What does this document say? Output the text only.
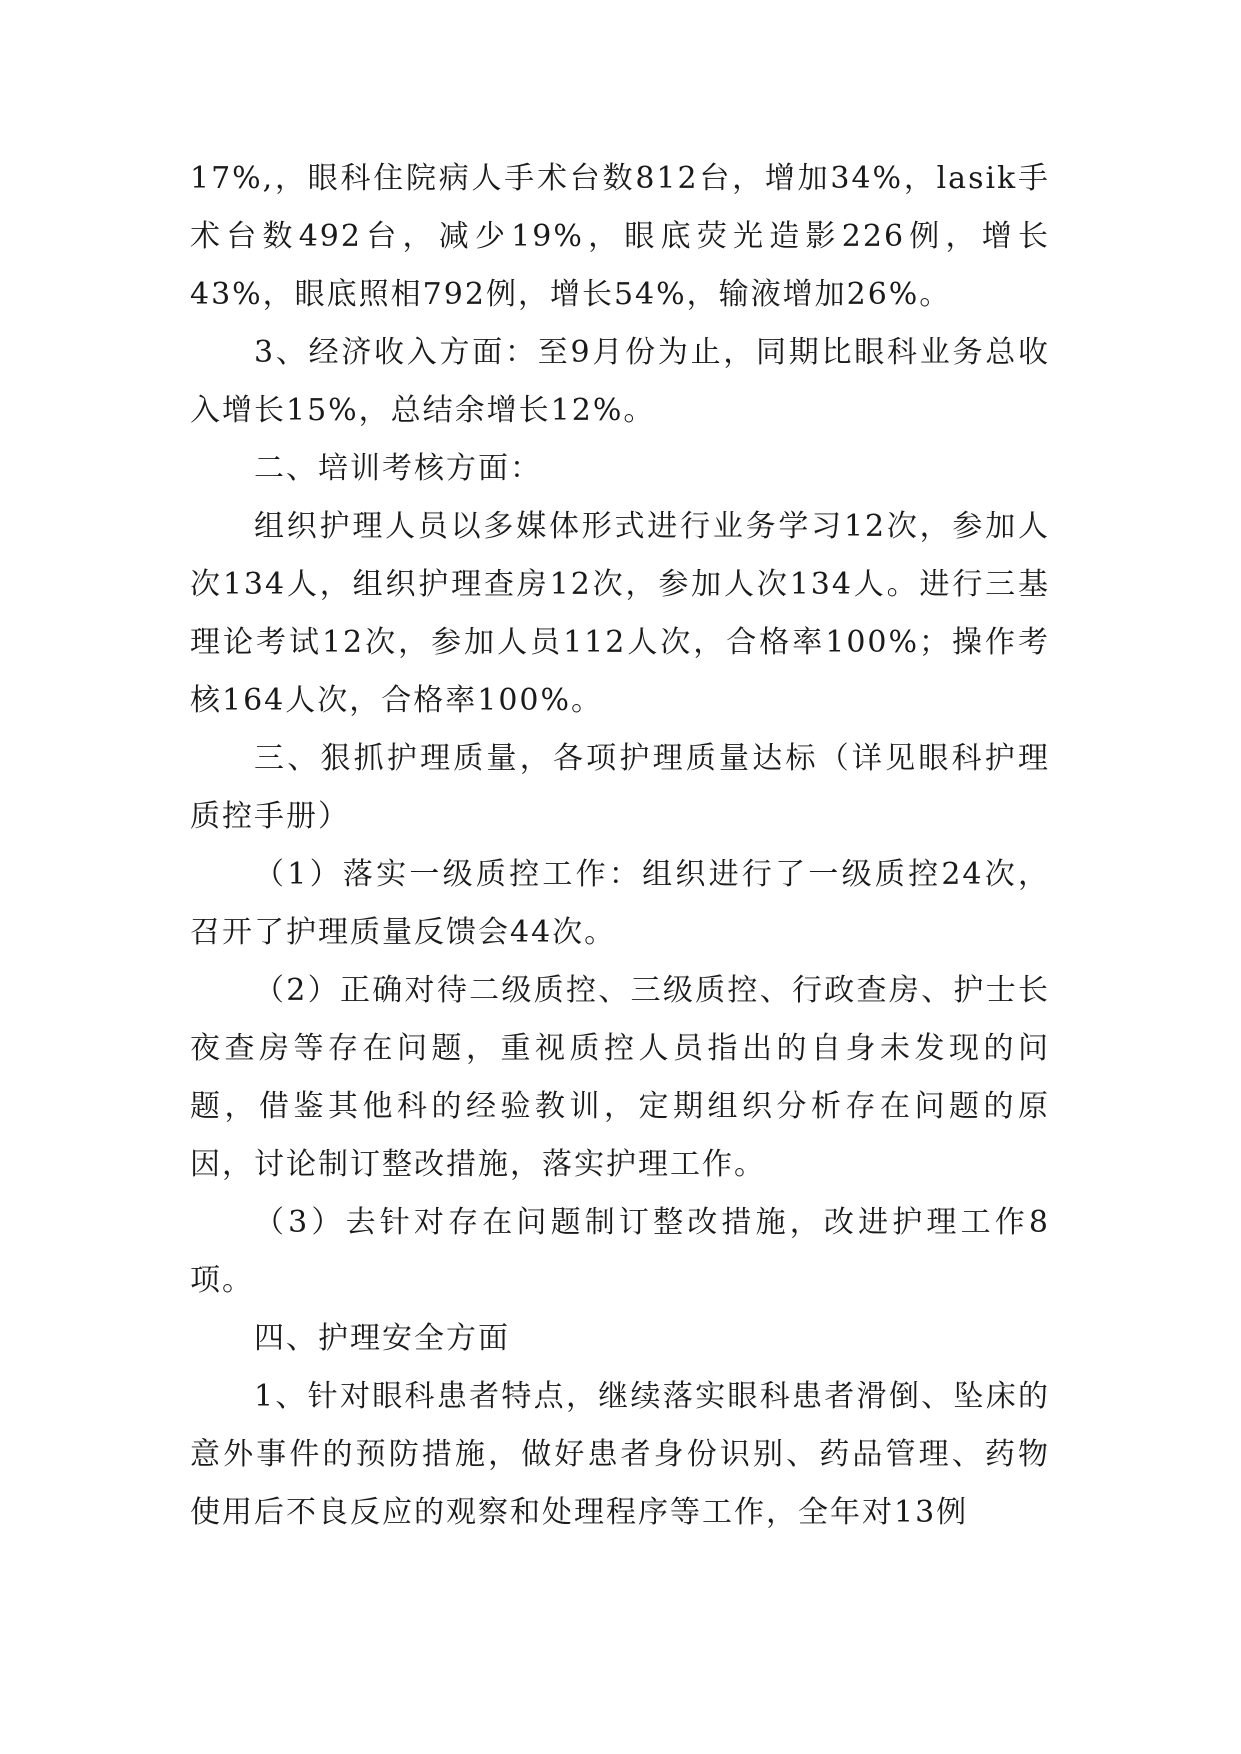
17%,，眼科住院病人手术台数812台，增加34%，lasik手术台数492台，减少19%，眼底荧光造影226例，增长43%，眼底照相792例，增长54%，输液增加26%。

3、经济收入方面：至9月份为止，同期比眼科业务总收入增长15%，总结余增长12%。

二、培训考核方面：

组织护理人员以多媒体形式进行业务学习12次，参加人次134人，组织护理查房12次，参加人次134人。进行三基理论考试12次，参加人员112人次，合格率100%；操作考核164人次，合格率100%。

三、狠抓护理质量，各项护理质量达标（详见眼科护理质控手册）

（1）落实一级质控工作：组织进行了一级质控24次，召开了护理质量反馈会44次。

（2）正确对待二级质控、三级质控、行政查房、护士长夜查房等存在问题，重视质控人员指出的自身未发现的问题，借鉴其他科的经验教训，定期组织分析存在问题的原因，讨论制订整改措施，落实护理工作。

（3）去针对存在问题制订整改措施，改进护理工作8项。

四、护理安全方面

1、针对眼科患者特点，继续落实眼科患者滑倒、坠床的意外事件的预防措施，做好患者身份识别、药品管理、药物使用后不良反应的观察和处理程序等工作，全年对13例
